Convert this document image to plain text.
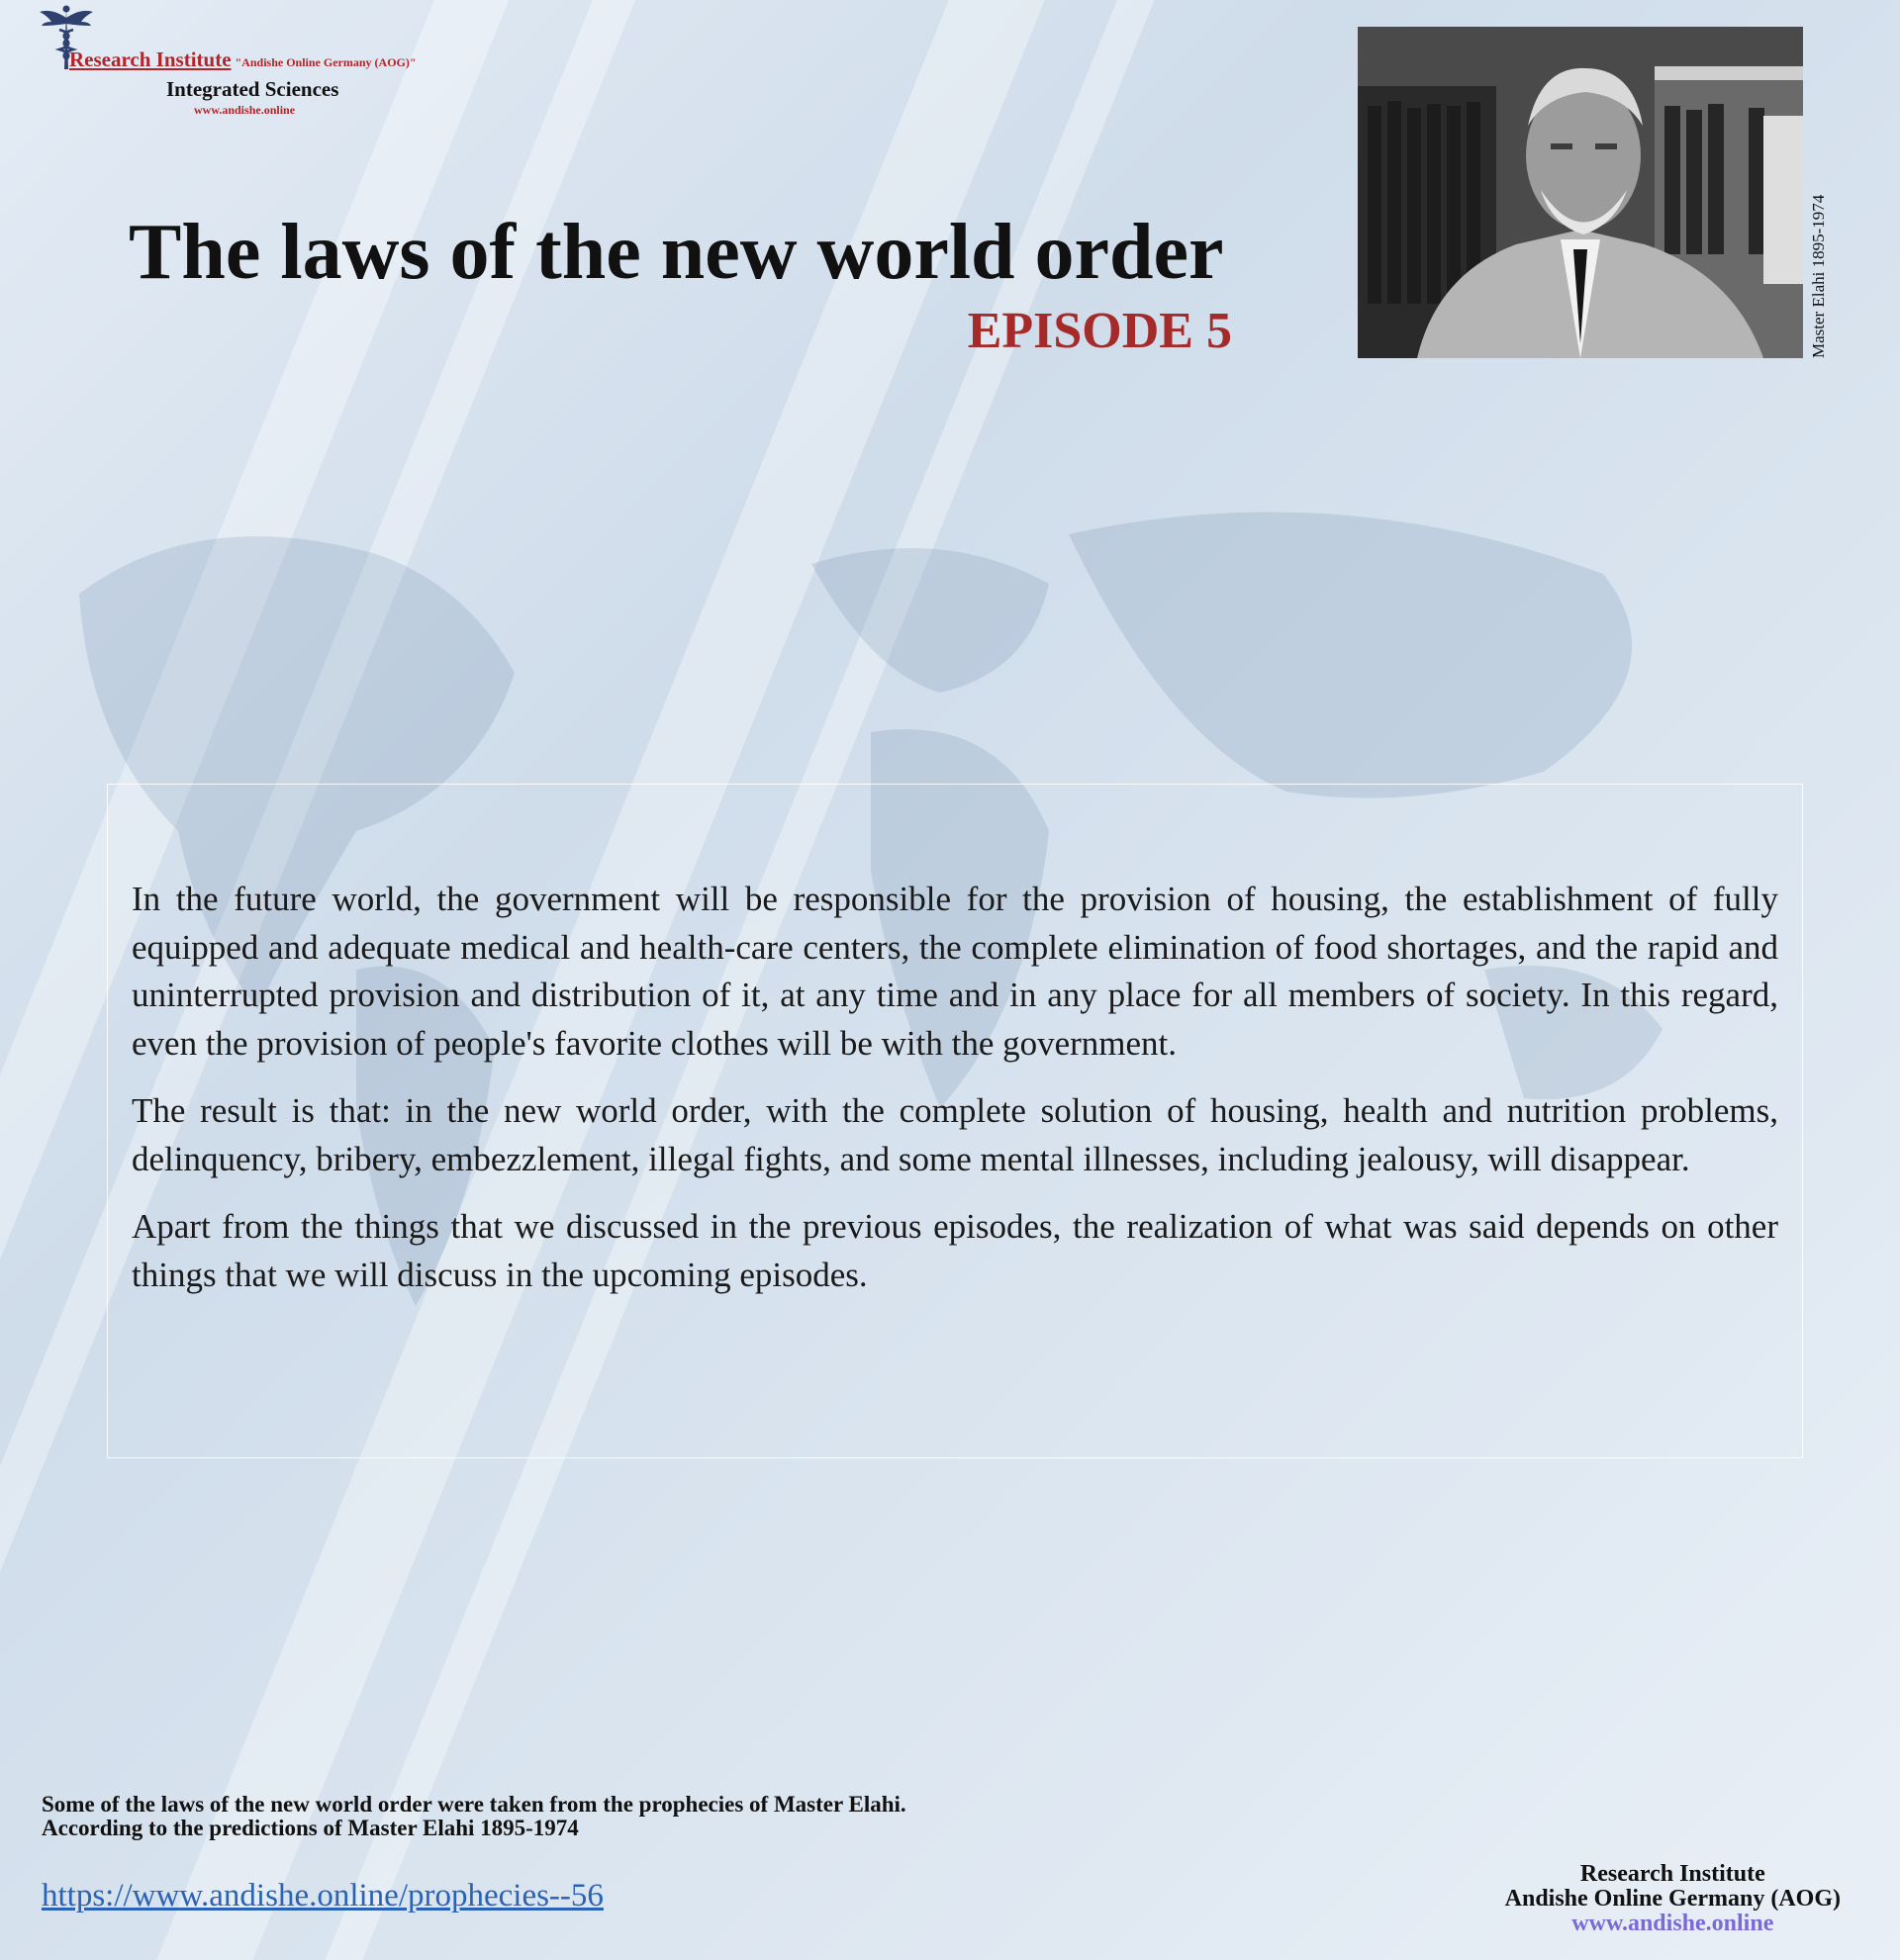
Research Institute "Andishe Online Germany (AOG)"
Integrated Sciences
www.andishe.online
The laws of the new world order
EPISODE 5	Master Elahi 1895-1974

In the future world, the government will be responsible for the provision of housing, the establishment of fully equipped and adequate medical and health-care centers, the complete elimination of food shortages, and the rapid and uninterrupted provision and distribution of it, at any time and in any place for all members of society. In this regard, even the provision of people's favorite clothes will be with the government.

The result is that: in the new world order, with the complete solution of housing, health and nutrition problems, delinquency, bribery, embezzlement, illegal fights, and some mental illnesses, including jealousy, will disappear.

Apart from the things that we discussed in the previous episodes, the realization of what was said depends on other things that we will discuss in the upcoming episodes.

Some of the laws of the new world order were taken from the prophecies of Master Elahi.
According to the predictions of Master Elahi 1895-1974
https://www.andishe.online/prophecies--56
Research Institute
Andishe Online Germany (AOG)
www.andishe.online
